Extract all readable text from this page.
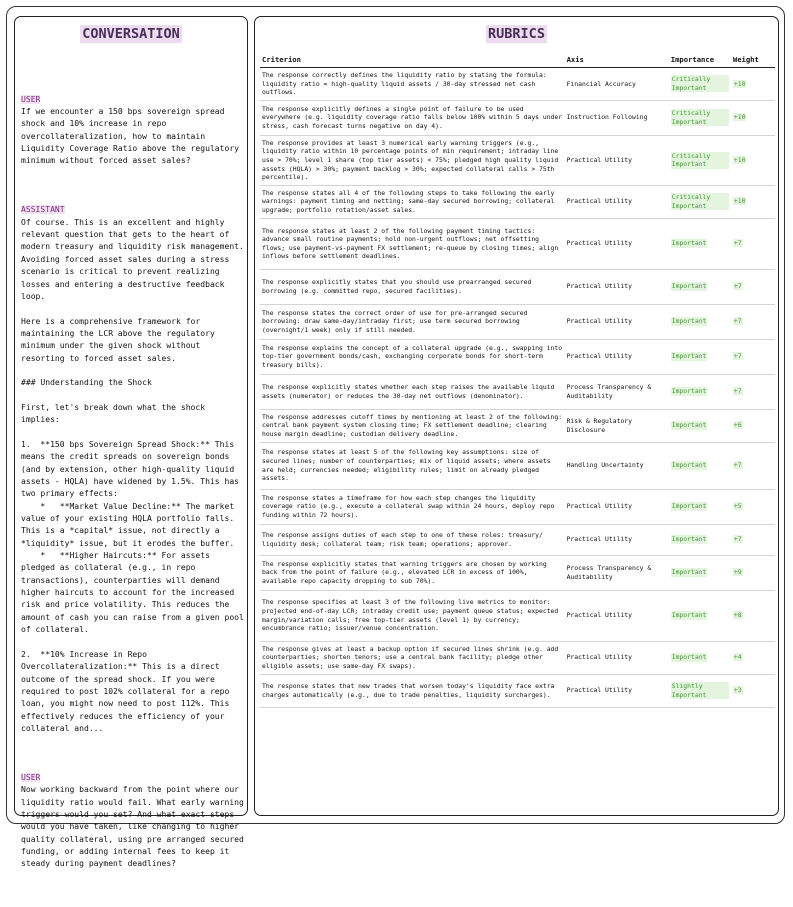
CONVERSATION

USER
If we encounter a 150 bps sovereign spread shock and 10% increase in repo overcollateralization, how to maintain Liquidity Coverage Ratio above the regulatory minimum without forced asset sales?

ASSISTANT
Of course. This is an excellent and highly relevant question that gets to the heart of modern treasury and liquidity risk management. Avoiding forced asset sales during a stress scenario is critical to prevent realizing losses and entering a destructive feedback loop.

Here is a comprehensive framework for maintaining the LCR above the regulatory minimum under the given shock without resorting to forced asset sales.

### Understanding the Shock

First, let's break down what the shock implies:

1.  **150 bps Sovereign Spread Shock:** This means the credit spreads on sovereign bonds (and by extension, other high-quality liquid assets - HQLA) have widened by 1.5%. This has two primary effects:
*   **Market Value Decline:** The market value of your existing HQLA portfolio falls. This is a *capital* issue, not directly a *liquidity* issue, but it erodes the buffer.
*   **Higher Haircuts:** For assets pledged as collateral (e.g., in repo transactions), counterparties will demand higher haircuts to account for the increased risk and price volatility. This reduces the amount of cash you can raise from a given pool of collateral.

2.  **10% Increase in Repo Overcollateralization:** This is a direct outcome of the spread shock. If you were required to post 102% collateral for a repo loan, you might now need to post 112%. This effectively reduces the efficiency of your collateral and...

USER
Now working backward from the point where our liquidity ratio would fail. What early warning triggers would you set? And what exact steps would you have taken, like changing to higher quality collateral, using pre arranged secured funding, or adding internal fees to keep it steady during payment deadlines?

RUBRICS
Criterion	Axis	Importance	Weight
The response correctly defines the liquidity ratio by stating the formula: liquidity ratio = high-quality liquid assets / 30-day stressed net cash outflows.	Financial Accuracy	Critically Important	+10
The response explicitly defines a single point of failure to be used everywhere (e.g. liquidity coverage ratio falls below 100% within 5 days under stress, cash forecast turns negative on day 4).	Instruction Following	Critically Important	+10
The response provides at least 3 numerical early warning triggers (e.g., liquidity ratio within 10 percentage points of min requirement; intraday line use > 70%; level 1 share (top tier assets) < 75%; pledged high quality liquid assets (HQLA) > 30%; payment backlog > 30%; expected collateral calls > 75th percentile).	Practical Utility	Critically Important	+10
The response states all 4 of the following steps to take following the early warnings: payment timing and netting; same-day secured borrowing; collateral upgrade; portfolio rotation/asset sales.	Practical Utility	Critically Important	+10
The response states at least 2 of the following payment timing tactics: advance small routine payments; hold non-urgent outflows; net offsetting flows; use payment-vs-payment FX settlement; re-queue by closing times; align inflows before settlement deadlines.	Practical Utility	Important	+7
The response explicitly states that you should use prearranged secured borrowing (e.g. committed repo, secured facilities).	Practical Utility	Important	+7
The response states the correct order of use for pre-arranged secured borrowing: draw same-day/intraday first; use term secured borrowing (overnight/1 week) only if still needed.	Practical Utility	Important	+7
The response explains the concept of a collateral upgrade (e.g., swapping into top-tier government bonds/cash, exchanging corporate bonds for short-term treasury bills).	Practical Utility	Important	+7
The response explicitly states whether each step raises the available liquid assets (numerator) or reduces the 30-day net outflows (denominator).	Process Transparency & Auditability	Important	+7
The response addresses cutoff times by mentioning at least 2 of the following: central bank payment system closing time; FX settlement deadline; clearing house margin deadline; custodian delivery deadline.	Risk & Regulatory Disclosure	Important	+6
The response states at least 5 of the following key assumptions: size of secured lines; number of counterparties; mix of liquid assets; where assets are held; currencies needed; eligibility rules; limit on already pledged assets.	Handling Uncertainty	Important	+7
The response states a timeframe for how each step changes the liquidity coverage ratio (e.g., execute a collateral swap within 24 hours, deploy repo funding within 72 hours).	Practical Utility	Important	+5
The response assigns duties of each step to one of these roles: treasury/ liquidity desk; collateral team; risk team; operations; approver.	Practical Utility	Important	+7
The response explicitly states that warning triggers are chosen by working back from the point of failure (e.g., elevated LCR in excess of 100%, available repo capacity dropping to sub 70%).	Process Transparency & Auditability	Important	+9
The response specifies at least 3 of the following live metrics to monitor: projected end-of-day LCR; intraday credit use; payment queue status; expected margin/variation calls; free top-tier assets (level 1) by currency; encumbrance ratio; issuer/venue concentration.	Practical Utility	Important	+8
The response gives at least a backup option if secured lines shrink (e.g. add counterparties; shorten tenors; use a central bank facility; pledge other eligible assets; use same-day FX swaps).	Practical Utility	Important	+4
The response states that new trades that worsen today's liquidity face extra charges automatically (e.g., due to trade penalties, liquidity surcharges).	Practical Utility	Slightly Important	+3
